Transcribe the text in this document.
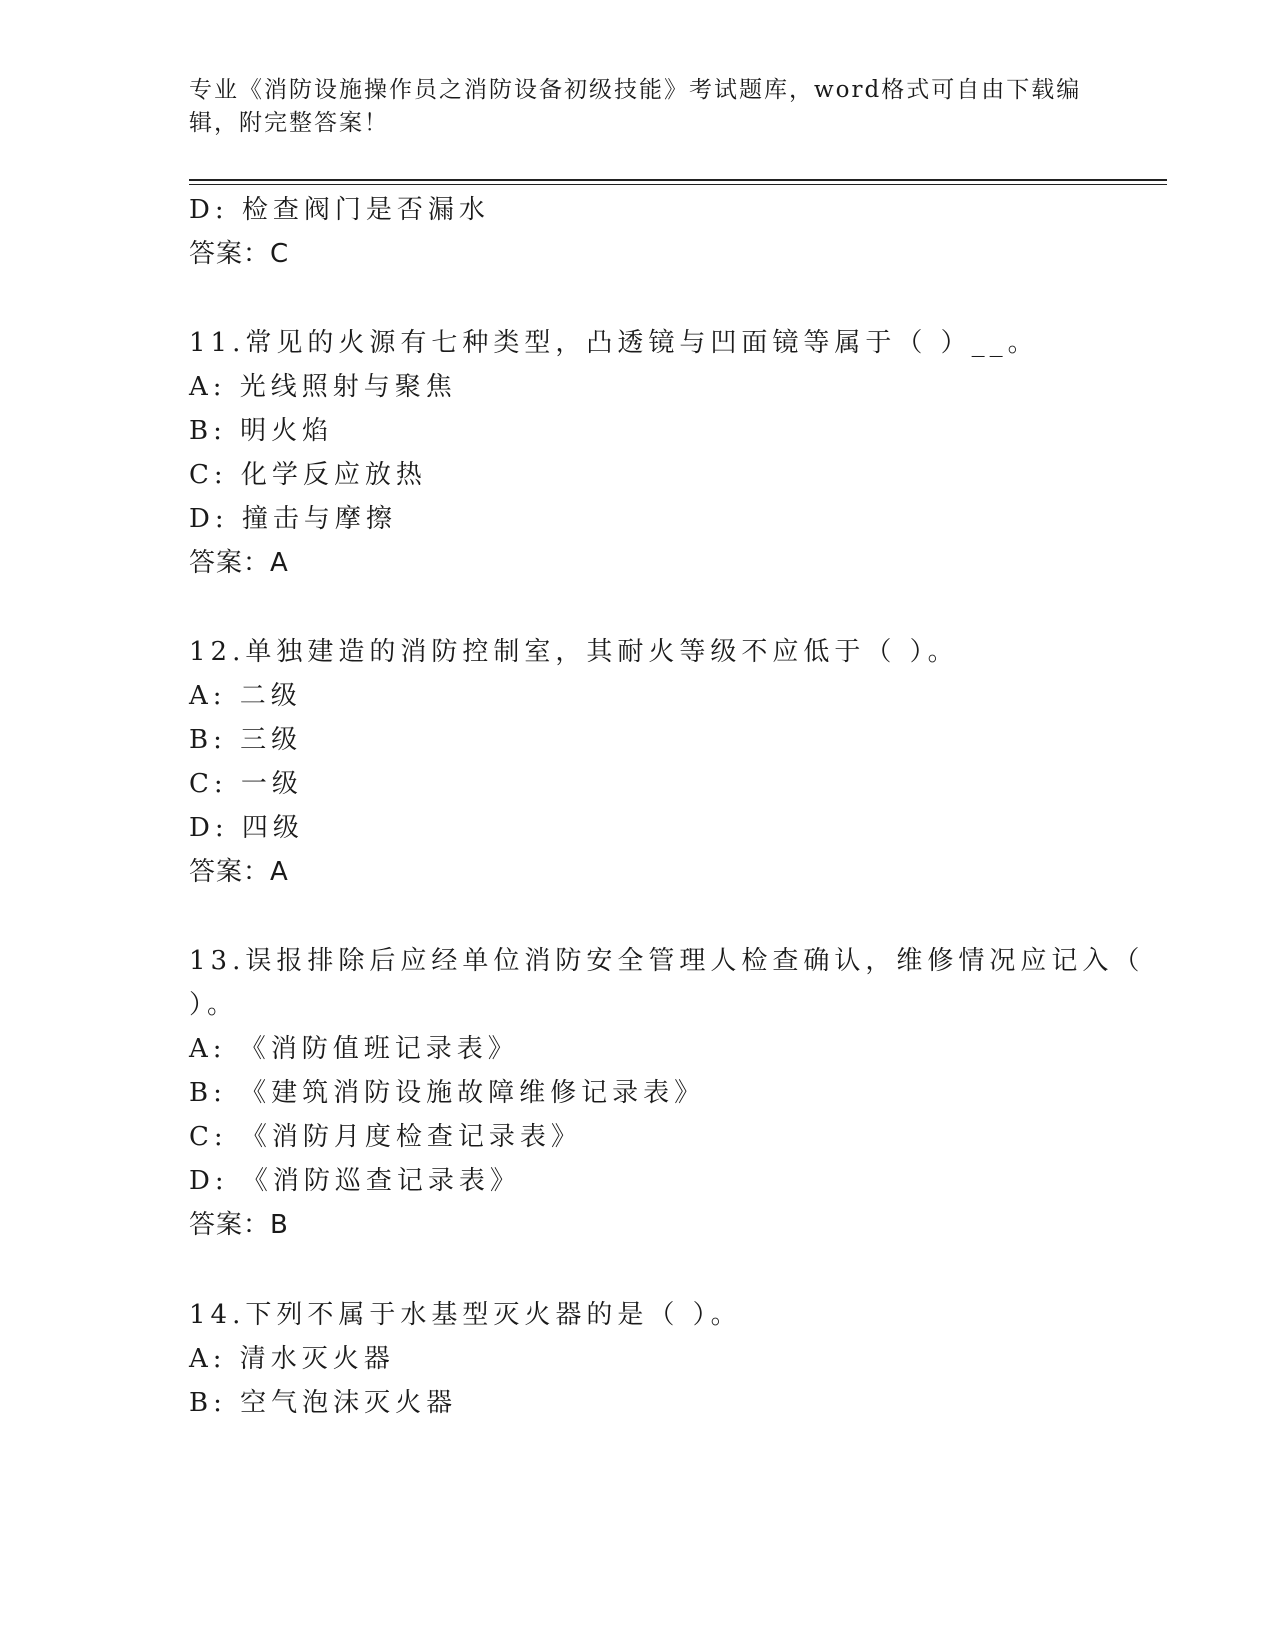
专业《消防设施操作员之消防设备初级技能》考试题库，word格式可自由下载编辑，附完整答案！
D: 检查阀门是否漏水
答案：C
11.常见的火源有七种类型，凸透镜与凹面镜等属于（ ）__。
A: 光线照射与聚焦
B: 明火焰
C: 化学反应放热
D: 撞击与摩擦
答案：A
12.单独建造的消防控制室，其耐火等级不应低于（ ）。
A: 二级
B: 三级
C: 一级
D: 四级
答案：A
13.误报排除后应经单位消防安全管理人检查确认，维修情况应记入（
）。
A: 《消防值班记录表》
B: 《建筑消防设施故障维修记录表》
C: 《消防月度检查记录表》
D: 《消防巡查记录表》
答案：B
14.下列不属于水基型灭火器的是（ ）。
A: 清水灭火器
B: 空气泡沫灭火器
